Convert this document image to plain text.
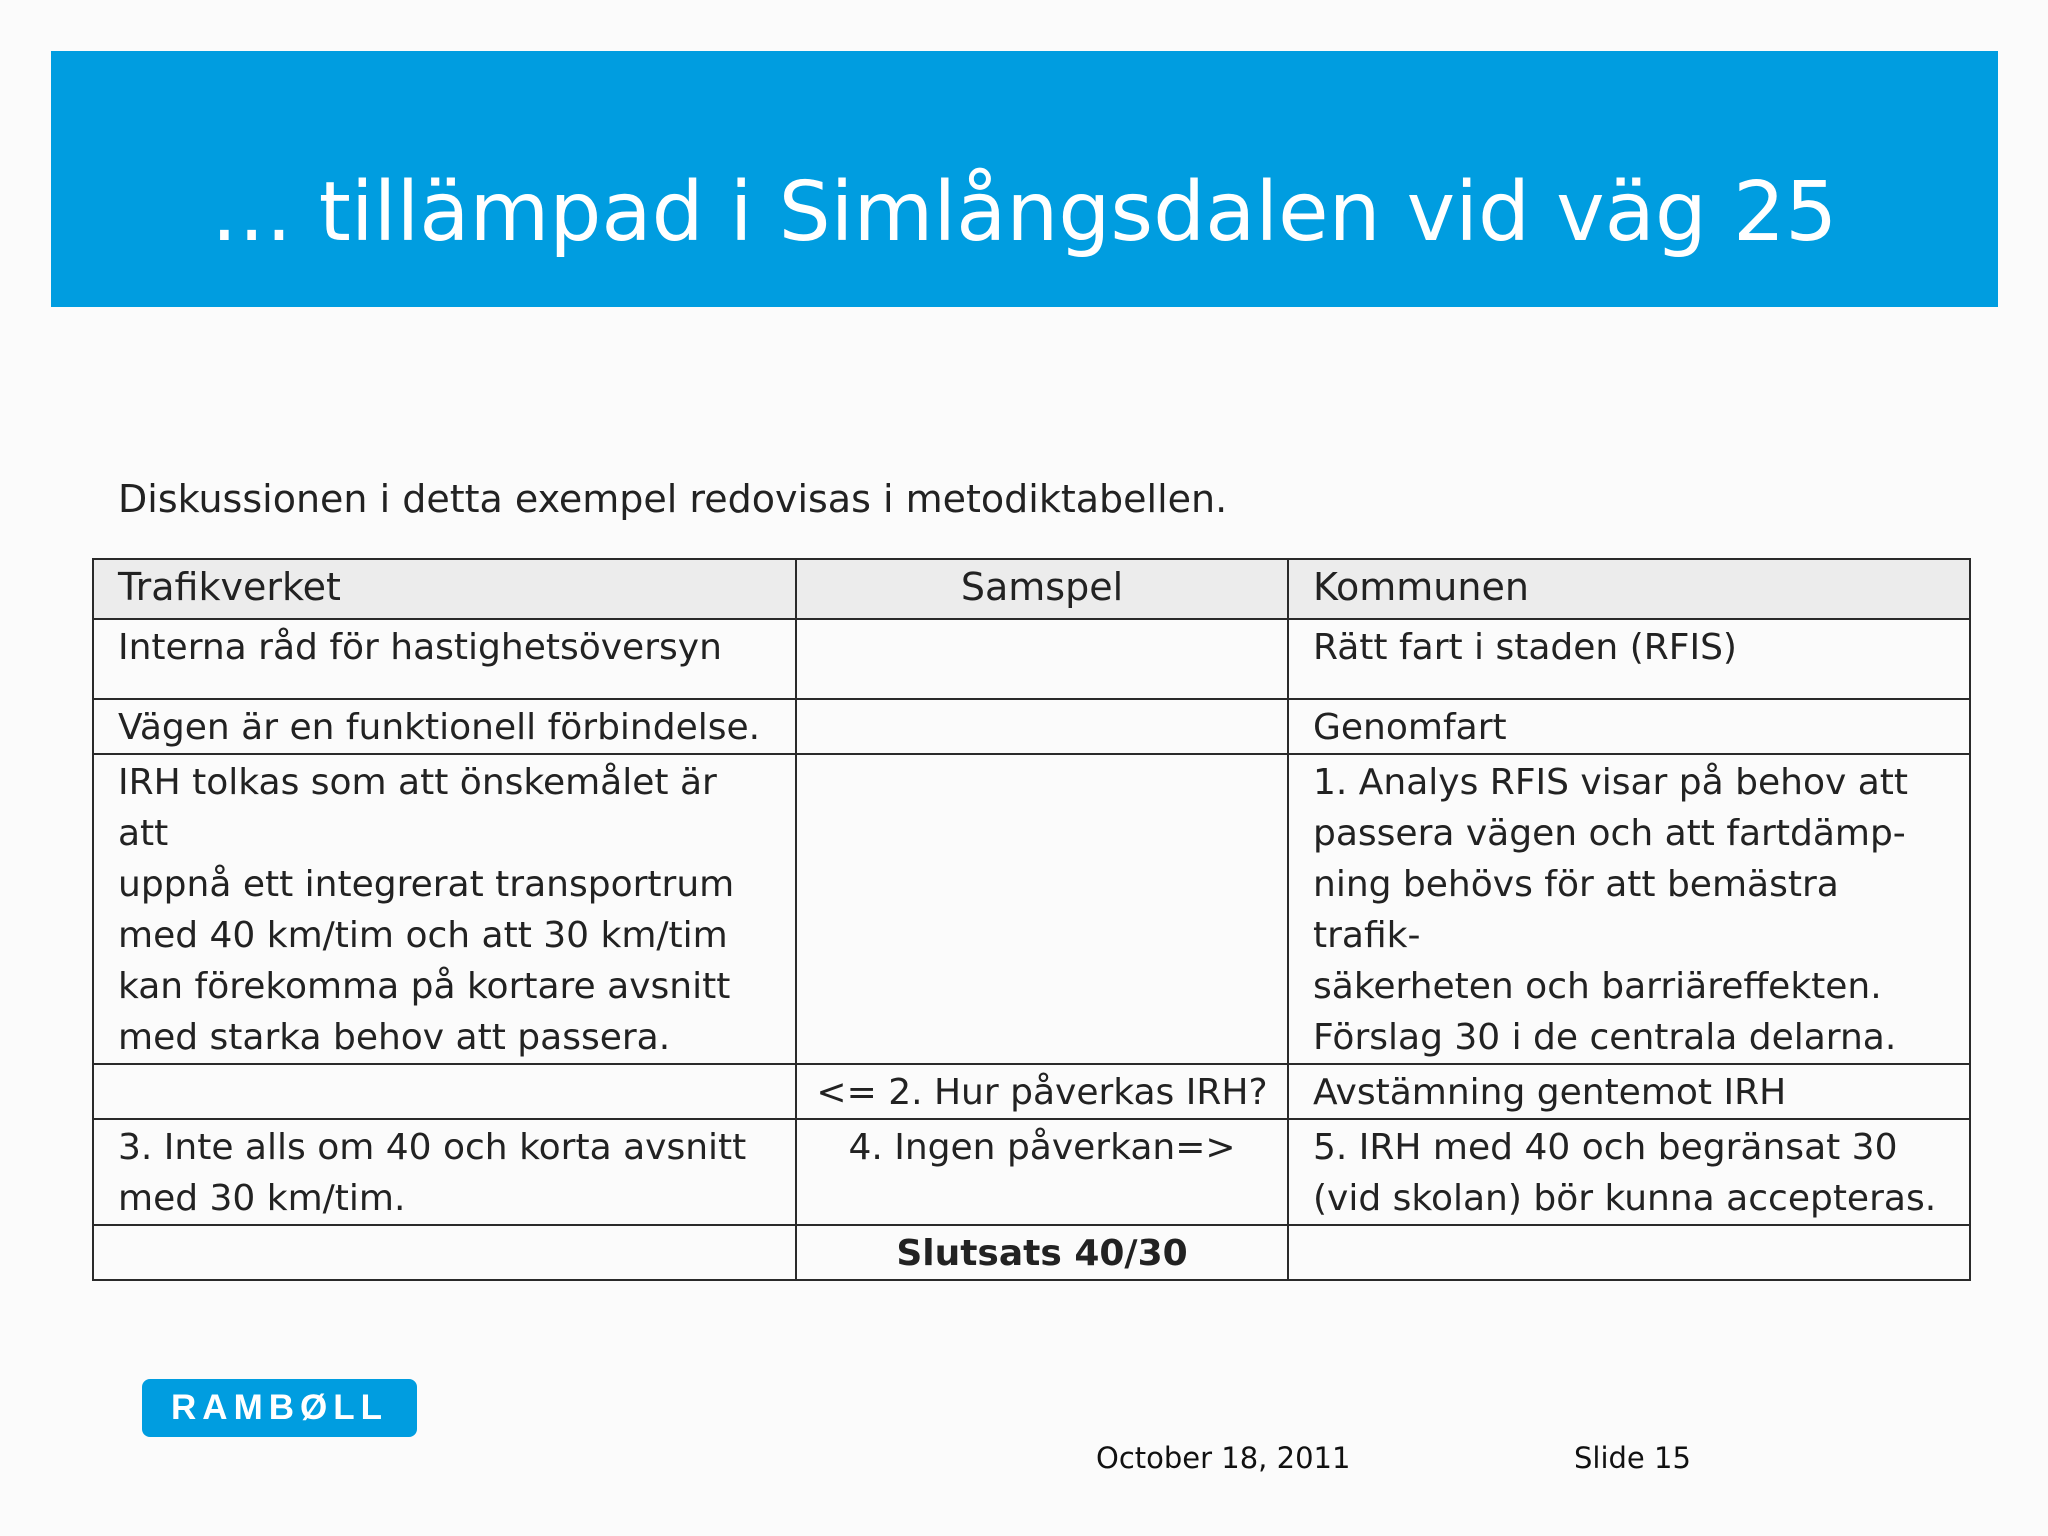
… tillämpad i Simlångsdalen vid väg 25
Diskussionen i detta exempel redovisas i metodiktabellen.
Trafikverket	Samspel	Kommunen

Interna råd för hastighetsöversyn		Rätt fart i staden (RFIS)

Vägen är en funktionell förbindelse.		Genomfart

IRH tolkas som att önskemålet är att
uppnå ett integrerat transportrum
med 40 km/tim och att 30 km/tim
kan förekomma på kortare avsnitt
med starka behov att passera.		1. Analys RFIS visar på behov att
passera vägen och att fartdämp-
ning behövs för att bemästra trafik-
säkerheten och barriäreffekten.
Förslag 30 i de centrala delarna.

	<= 2. Hur påverkas IRH?	Avstämning gentemot IRH

3. Inte alls om 40 och korta avsnitt
med 30 km/tim.	4. Ingen påverkan=>	5. IRH med 40 och begränsat 30
(vid skolan) bör kunna accepteras.

	Slutsats 40/30	

RAMBØLL
October 18, 2011	Slide 15
